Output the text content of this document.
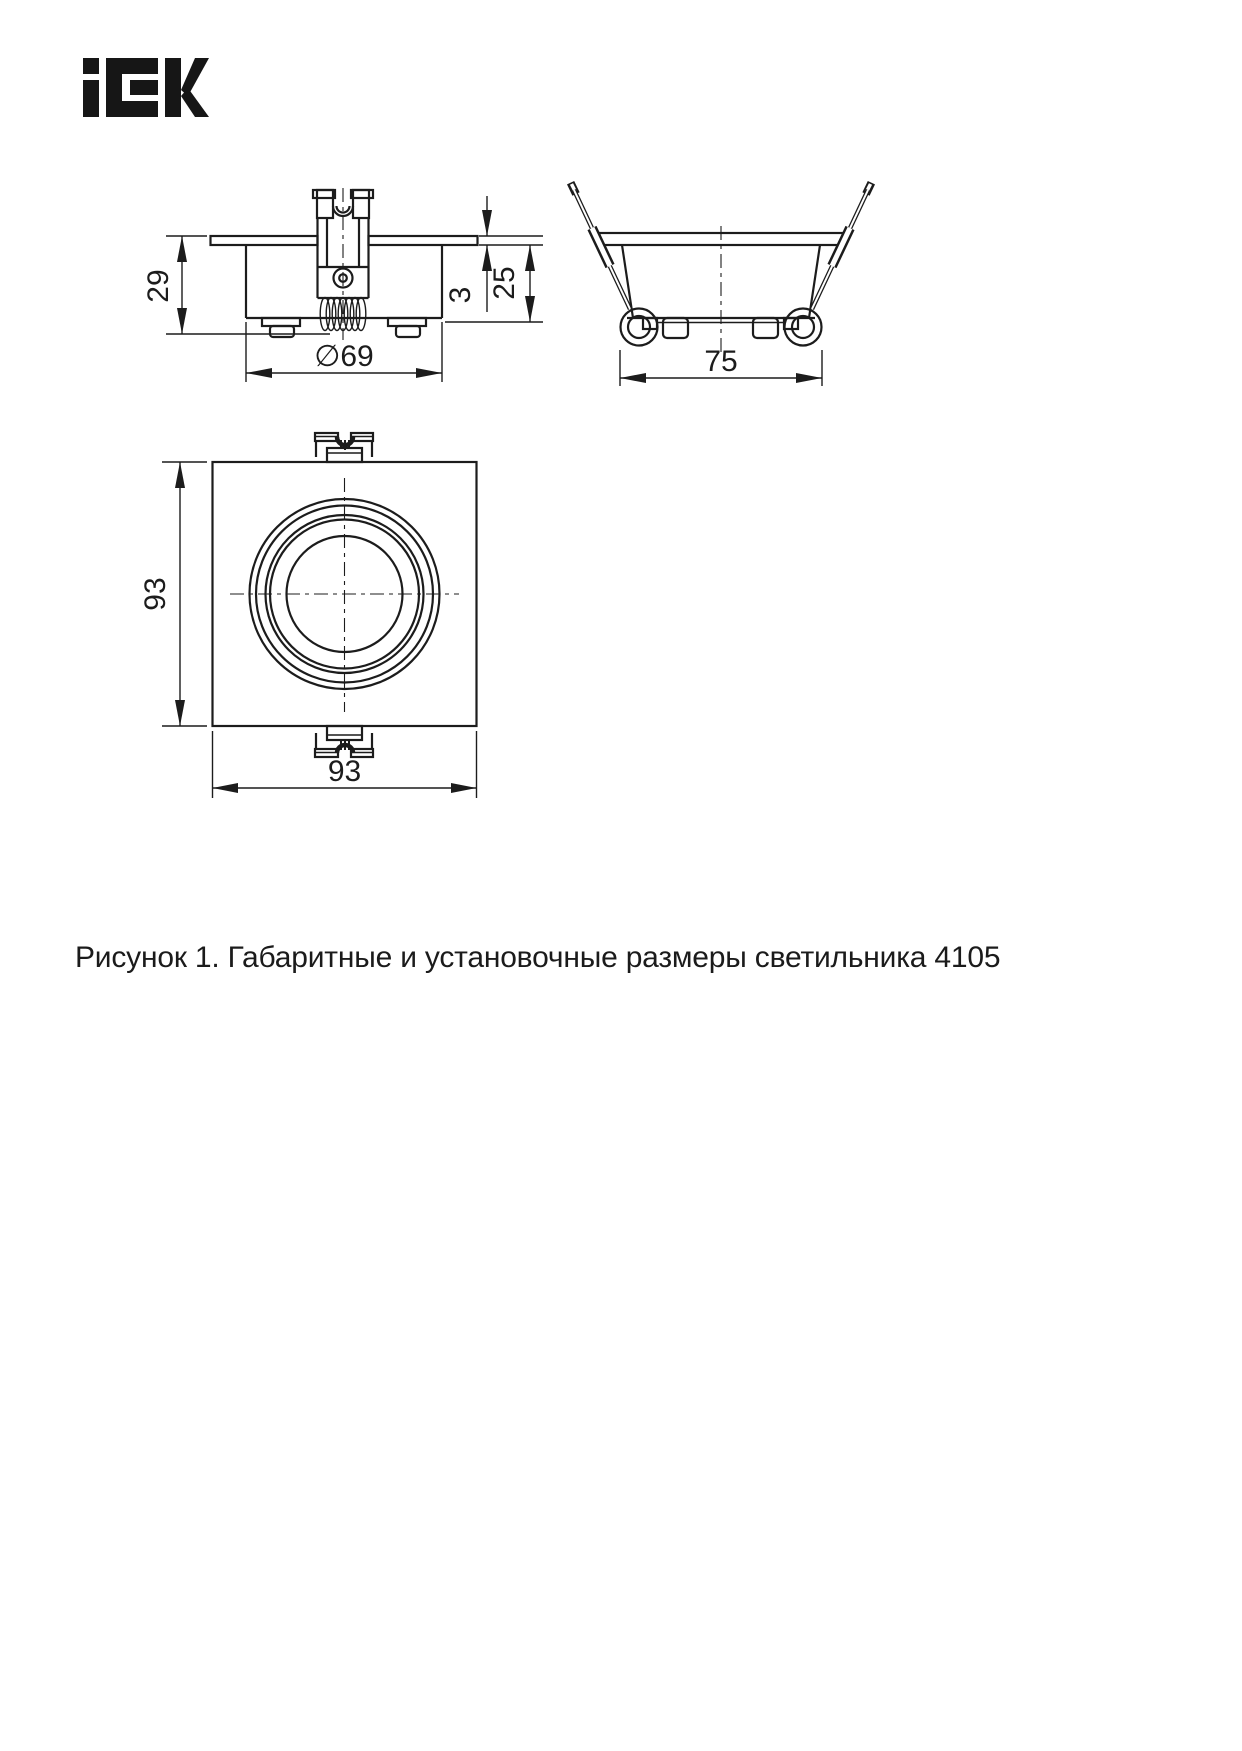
29
∅69
3 25
75
93
93
Рисунок 1. Габаритные и установочные размеры светильника 4105
